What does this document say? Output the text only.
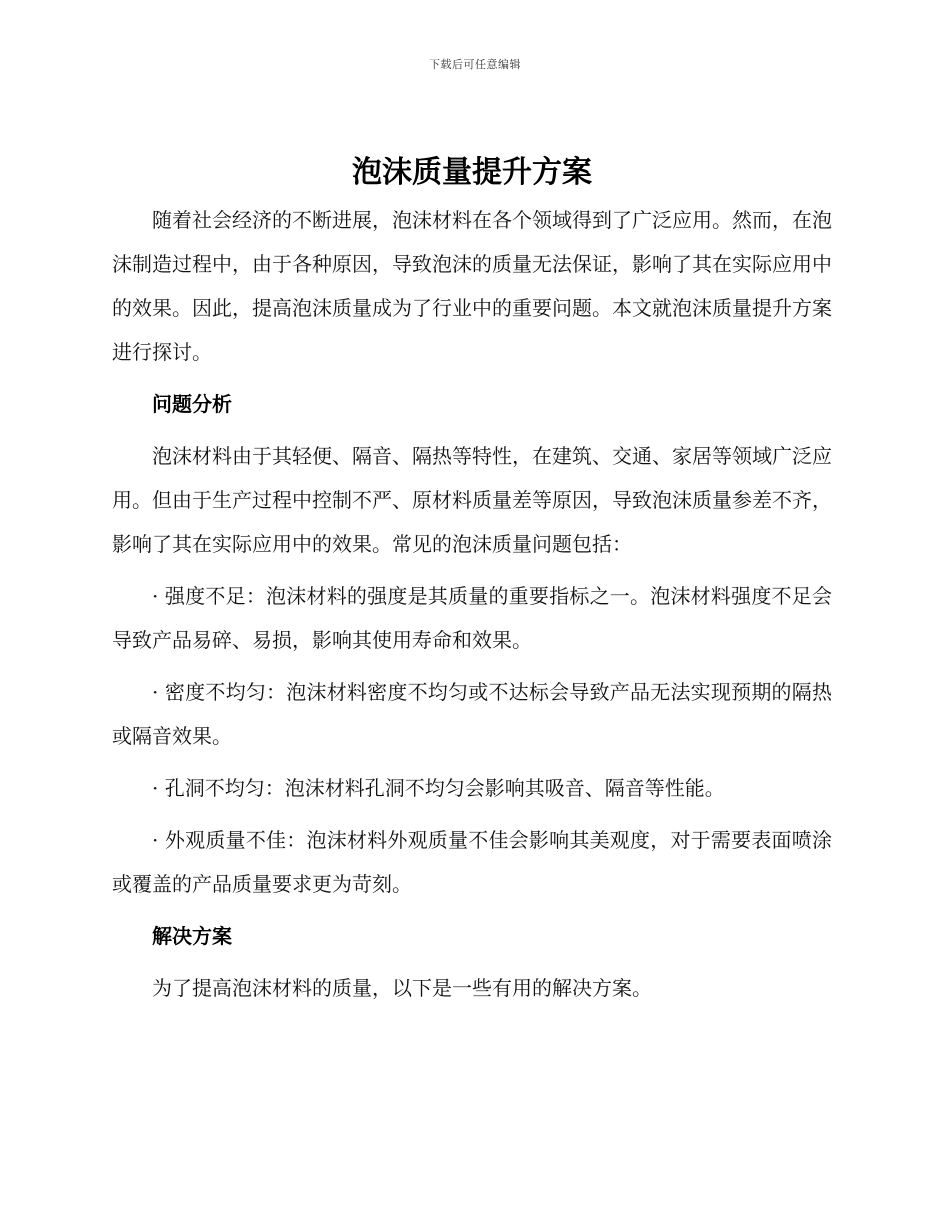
下载后可任意编辑
泡沫质量提升方案

随着社会经济的不断进展，泡沫材料在各个领域得到了广泛应用。然而，在泡沫制造过程中，由于各种原因，导致泡沫的质量无法保证，影响了其在实际应用中的效果。因此，提高泡沫质量成为了行业中的重要问题。本文就泡沫质量提升方案进行探讨。

问题分析

泡沫材料由于其轻便、隔音、隔热等特性，在建筑、交通、家居等领域广泛应用。但由于生产过程中控制不严、原材料质量差等原因，导致泡沫质量参差不齐，影响了其在实际应用中的效果。常见的泡沫质量问题包括：

· 强度不足：泡沫材料的强度是其质量的重要指标之一。泡沫材料强度不足会导致产品易碎、易损，影响其使用寿命和效果。

· 密度不均匀：泡沫材料密度不均匀或不达标会导致产品无法实现预期的隔热或隔音效果。

· 孔洞不均匀：泡沫材料孔洞不均匀会影响其吸音、隔音等性能。

· 外观质量不佳：泡沫材料外观质量不佳会影响其美观度，对于需要表面喷涂或覆盖的产品质量要求更为苛刻。

解决方案

为了提高泡沫材料的质量，以下是一些有用的解决方案。
